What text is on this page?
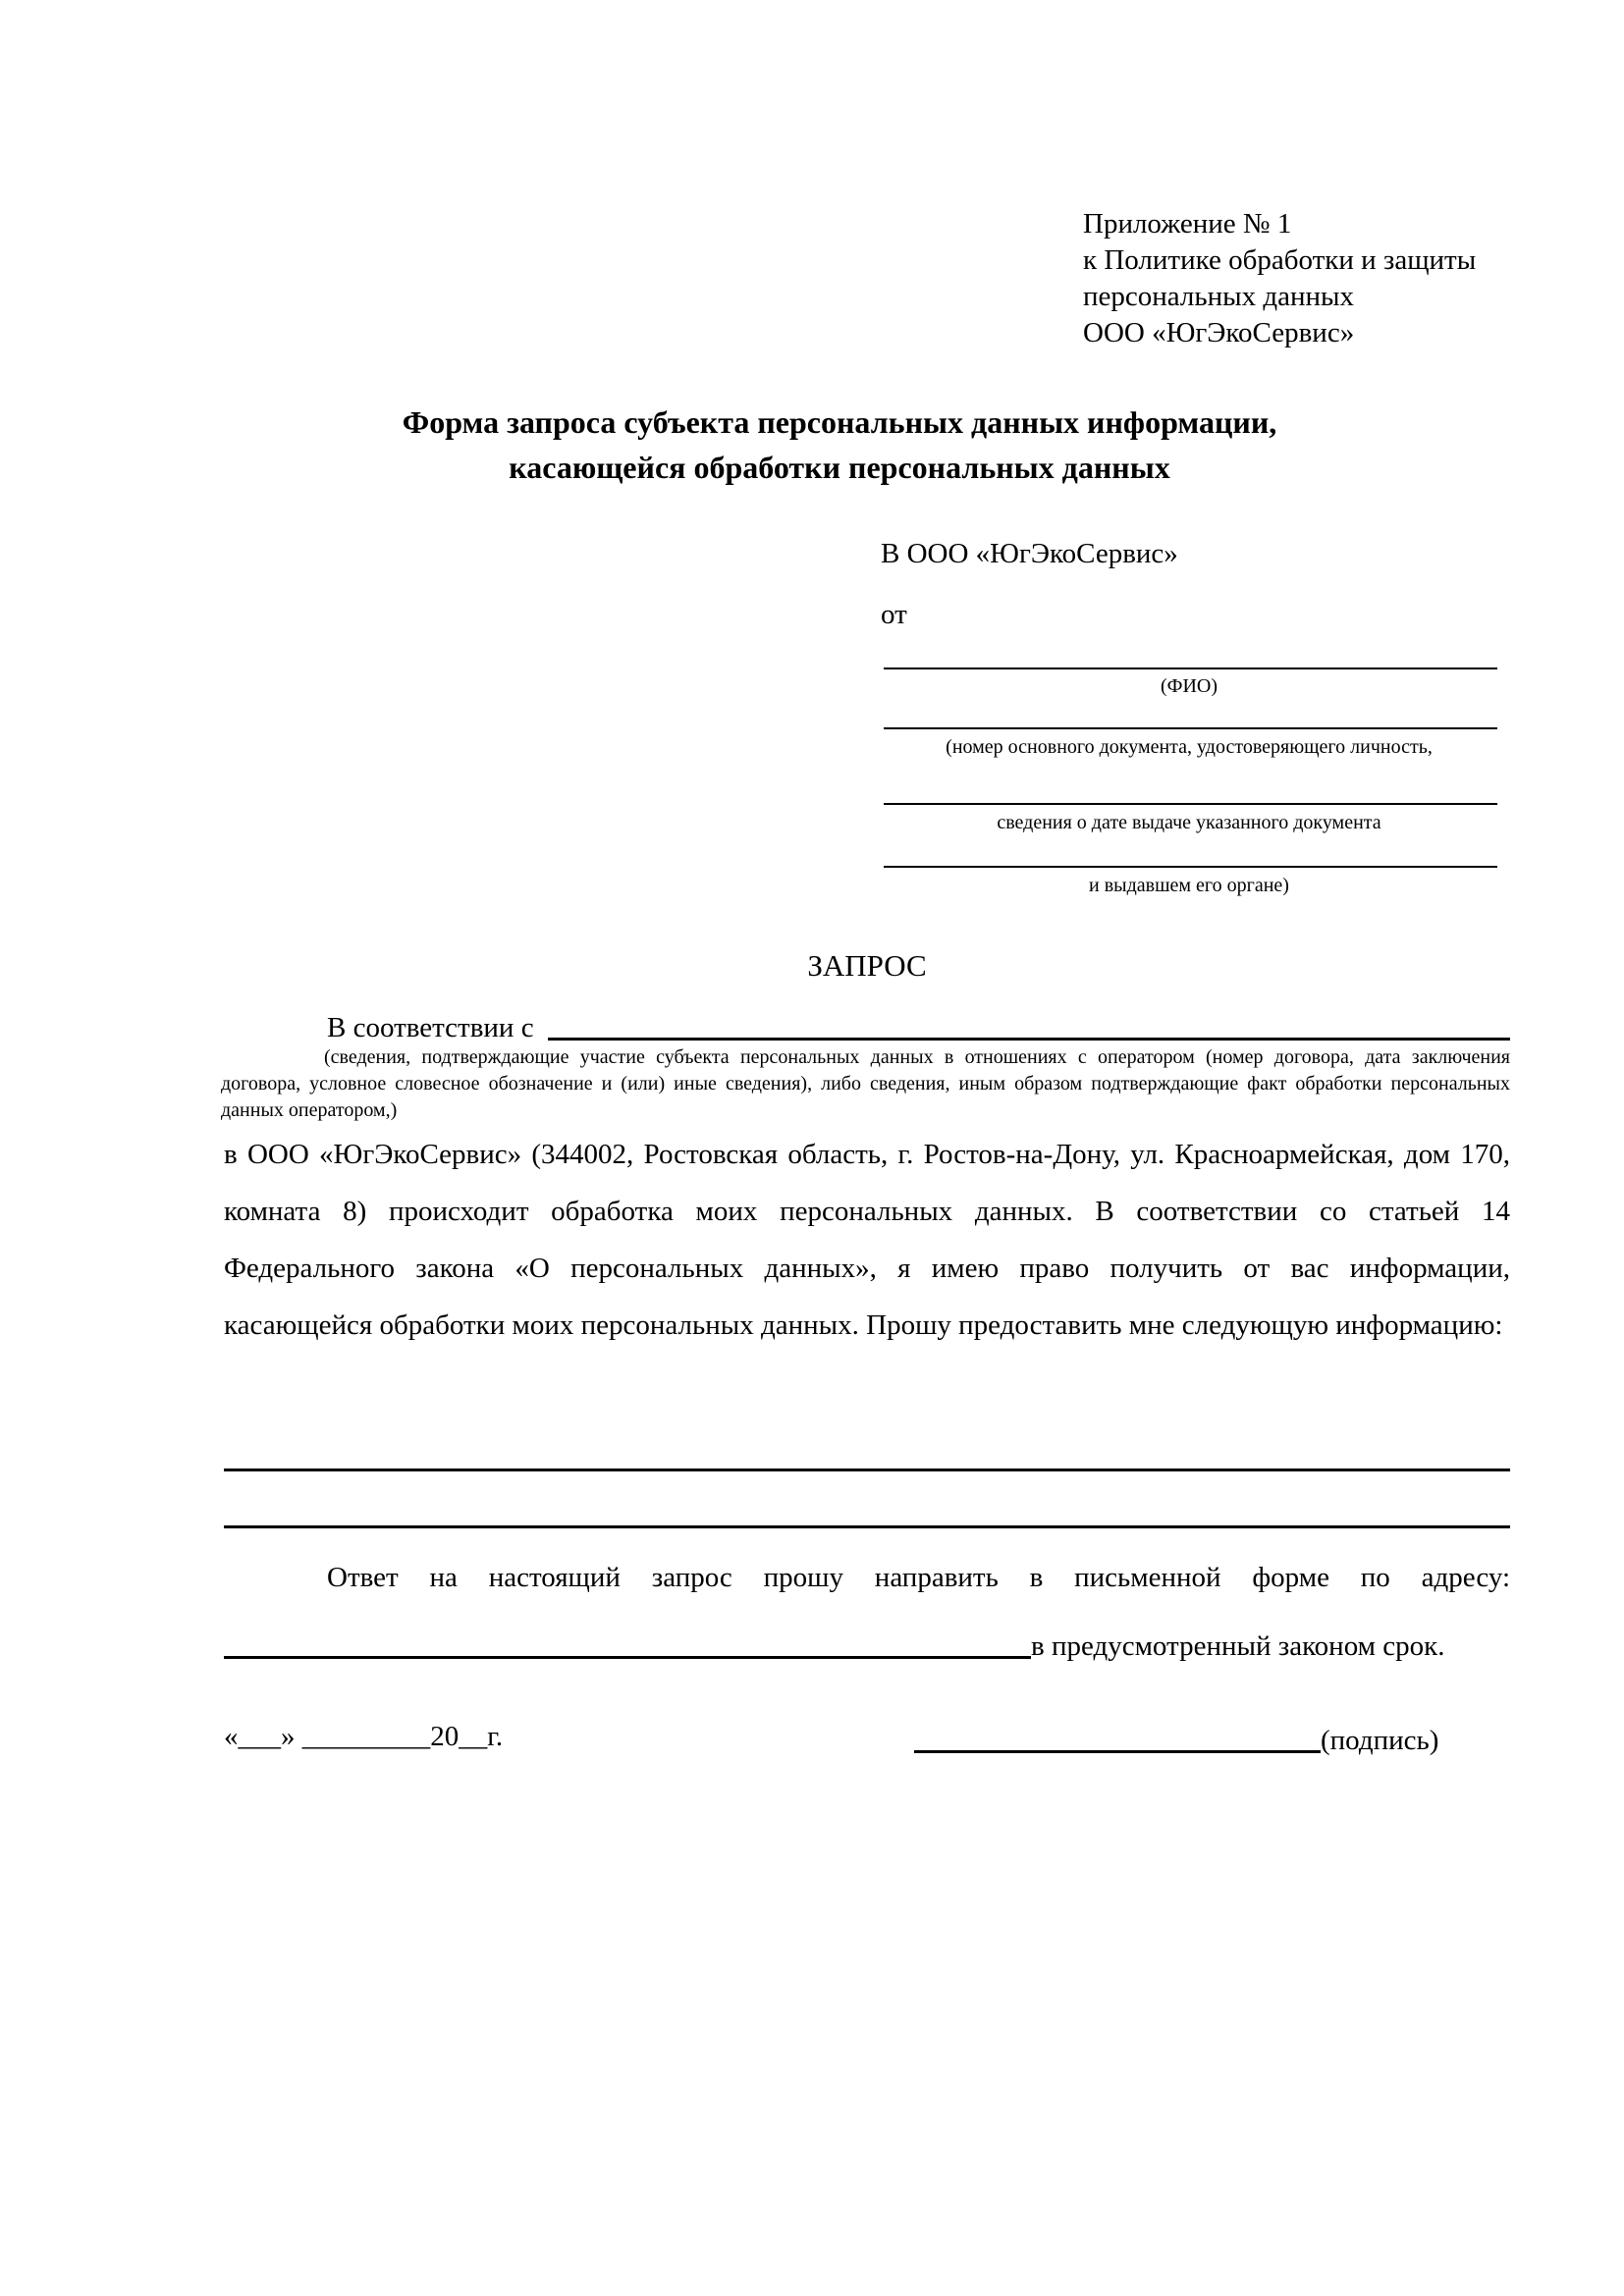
Приложение № 1
к Политике обработки и защиты
персональных данных
ООО «ЮгЭкоСервис»
Форма запроса субъекта персональных данных информации,
касающейся обработки персональных данных
В ООО «ЮгЭкоСервис»
от
(ФИО)
(номер основного документа, удостоверяющего личность,
сведения о дате выдаче указанного документа
и выдавшем его органе)
ЗАПРОС
В соответствии с
(сведения, подтверждающие участие субъекта персональных данных в отношениях с оператором (номер договора, дата заключения договора, условное словесное обозначение и (или) иные сведения), либо сведения, иным образом подтверждающие факт обработки персональных данных оператором,)
в ООО «ЮгЭкоСервис» (344002, Ростовская область, г. Ростов-на-Дону, ул. Красноармейская, дом 170, комната 8) происходит обработка моих персональных данных. В соответствии со статьей 14 Федерального закона «О персональных данных», я имею право получить от вас информации, касающейся обработки моих персональных данных. Прошу предоставить мне следующую информацию:
Ответ на настоящий запрос прошу направить в письменной форме по адресу:
в предусмотренный законом срок.
«___» _________20__г.	(подпись)
